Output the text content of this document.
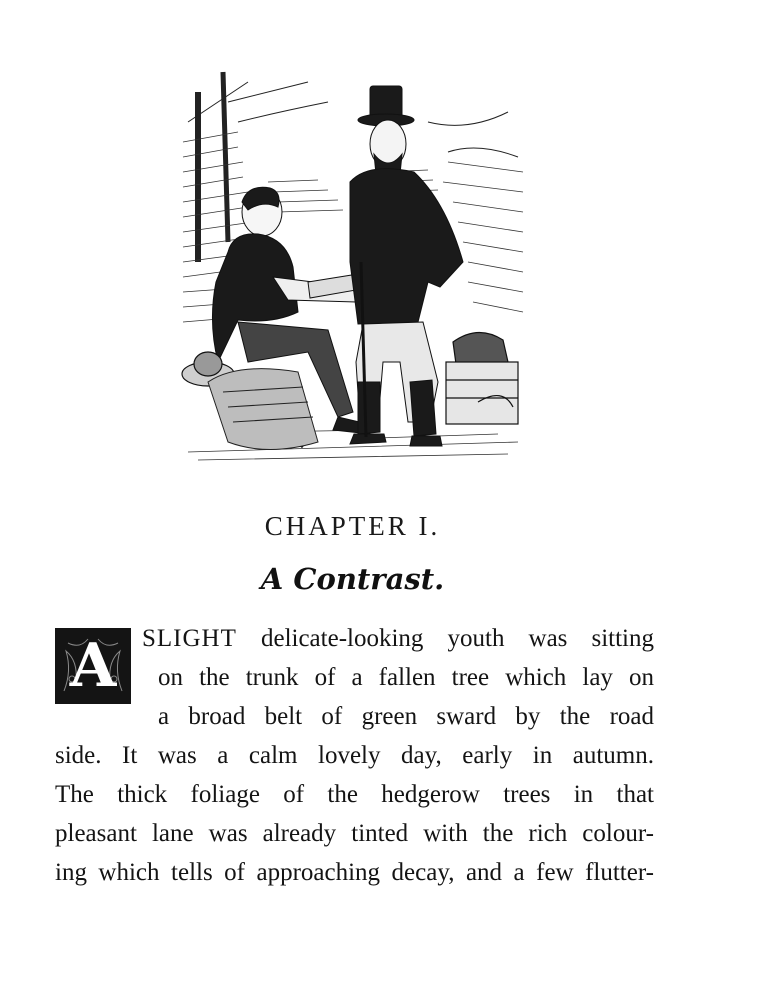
CHAPTER I.
A Contrast.
A	SLIGHT delicate-looking youth was sitting
on the trunk of a fallen tree which lay on
a broad belt of green sward by the road
side. It was a calm lovely day, early in autumn.
The thick foliage of the hedgerow trees in that
pleasant lane was already tinted with the rich colour-
ing which tells of approaching decay, and a few flutter-
